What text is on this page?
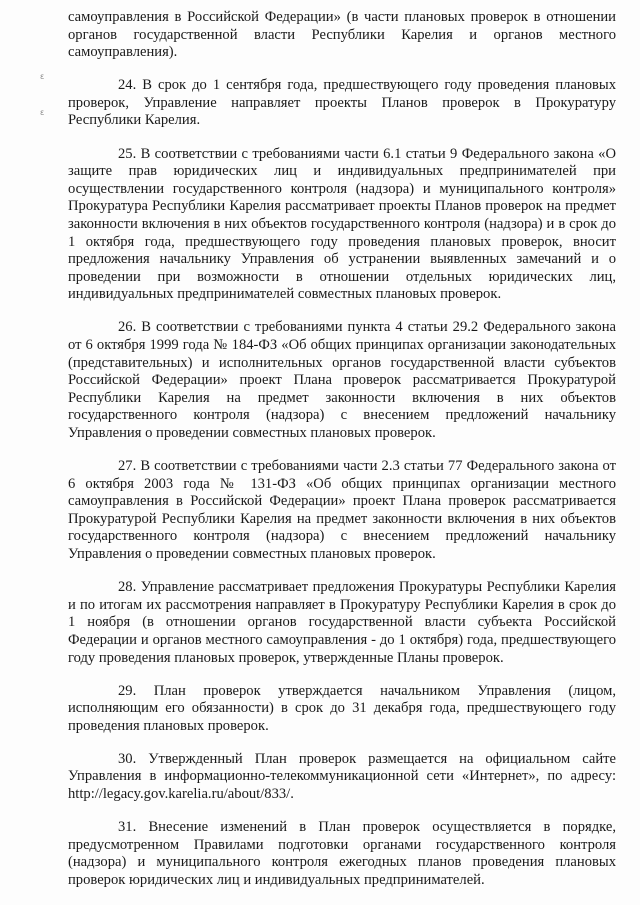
ε
ε

самоуправления в Российской Федерации» (в части плановых проверок в отношении органов государственной власти Республики Карелия и органов местного самоуправления).

24. В срок до 1 сентября года, предшествующего году проведения плановых проверок, Управление направляет проекты Планов проверок в Прокуратуру Республики Карелия.

25. В соответствии с требованиями части 6.1 статьи 9 Федерального закона «О защите прав юридических лиц и индивидуальных предпринимателей при осуществлении государственного контроля (надзора) и муниципального контроля» Прокуратура Республики Карелия рассматривает проекты Планов проверок на предмет законности включения в них объектов государственного контроля (надзора) и в срок до 1 октября года, предшествующего году проведения плановых проверок, вносит предложения начальнику Управления об устранении выявленных замечаний и о проведении при возможности в отношении отдельных юридических лиц, индивидуальных предпринимателей совместных плановых проверок.

26. В соответствии с требованиями пункта 4 статьи 29.2 Федерального закона от 6 октября 1999 года № 184-ФЗ «Об общих принципах организации законодательных (представительных) и исполнительных органов государственной власти субъектов Российской Федерации» проект Плана проверок рассматривается Прокуратурой Республики Карелия на предмет законности включения в них объектов государственного контроля (надзора) с внесением предложений начальнику Управления о проведении совместных плановых проверок.

27. В соответствии с требованиями части 2.3 статьи 77 Федерального закона от 6 октября 2003 года № 131-ФЗ «Об общих принципах организации местного самоуправления в Российской Федерации» проект Плана проверок рассматривается Прокуратурой Республики Карелия на предмет законности включения в них объектов государственного контроля (надзора) с внесением предложений начальнику Управления о проведении совместных плановых проверок.

28. Управление рассматривает предложения Прокуратуры Республики Карелия и по итогам их рассмотрения направляет в Прокуратуру Республики Карелия в срок до 1 ноября (в отношении органов государственной власти субъекта Российской Федерации и органов местного самоуправления - до 1 октября) года, предшествующего году проведения плановых проверок, утвержденные Планы проверок.

29. План проверок утверждается начальником Управления (лицом, исполняющим его обязанности) в срок до 31 декабря года, предшествующего году проведения плановых проверок.

30. Утвержденный План проверок размещается на официальном сайте Управления в информационно-телекоммуникационной сети «Интернет», по адресу: http://legacy.gov.karelia.ru/about/833/.

31. Внесение изменений в План проверок осуществляется в порядке, предусмотренном Правилами подготовки органами государственного контроля (надзора) и муниципального контроля ежегодных планов проведения плановых проверок юридических лиц и индивидуальных предпринимателей.
